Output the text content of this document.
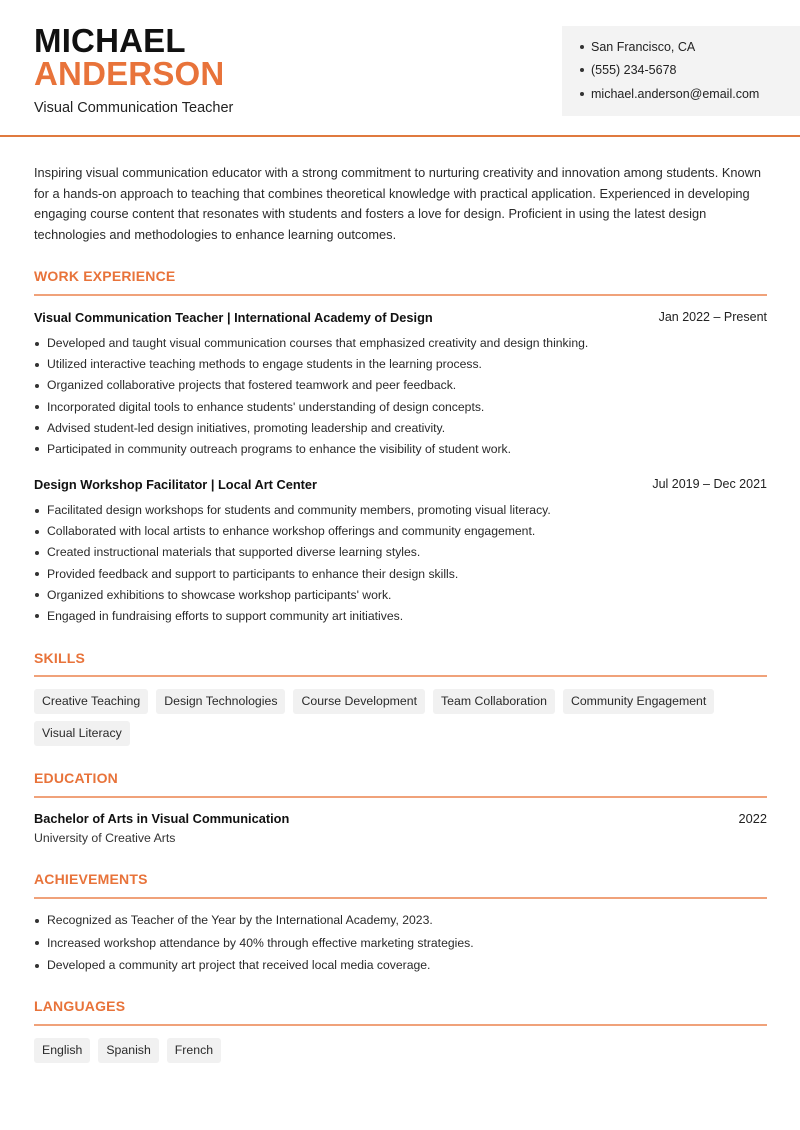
MICHAEL
ANDERSON
Visual Communication Teacher
San Francisco, CA
(555) 234-5678
michael.anderson@email.com

Inspiring visual communication educator with a strong commitment to nurturing creativity and innovation among students. Known for a hands-on approach to teaching that combines theoretical knowledge with practical application. Experienced in developing engaging course content that resonates with students and fosters a love for design. Proficient in using the latest design technologies and methodologies to enhance learning outcomes.

WORK EXPERIENCE
Visual Communication Teacher | International Academy of Design	Jan 2022 – Present
Developed and taught visual communication courses that emphasized creativity and design thinking.
Utilized interactive teaching methods to engage students in the learning process.
Organized collaborative projects that fostered teamwork and peer feedback.
Incorporated digital tools to enhance students' understanding of design concepts.
Advised student-led design initiatives, promoting leadership and creativity.
Participated in community outreach programs to enhance the visibility of student work.
Design Workshop Facilitator | Local Art Center	Jul 2019 – Dec 2021
Facilitated design workshops for students and community members, promoting visual literacy.
Collaborated with local artists to enhance workshop offerings and community engagement.
Created instructional materials that supported diverse learning styles.
Provided feedback and support to participants to enhance their design skills.
Organized exhibitions to showcase workshop participants' work.
Engaged in fundraising efforts to support community art initiatives.
SKILLS
Creative Teaching	Design Technologies	Course Development	Team Collaboration	Community Engagement
Visual Literacy
EDUCATION
Bachelor of Arts in Visual Communication	2022
University of Creative Arts
ACHIEVEMENTS
Recognized as Teacher of the Year by the International Academy, 2023.
Increased workshop attendance by 40% through effective marketing strategies.
Developed a community art project that received local media coverage.
LANGUAGES
English	Spanish	French
